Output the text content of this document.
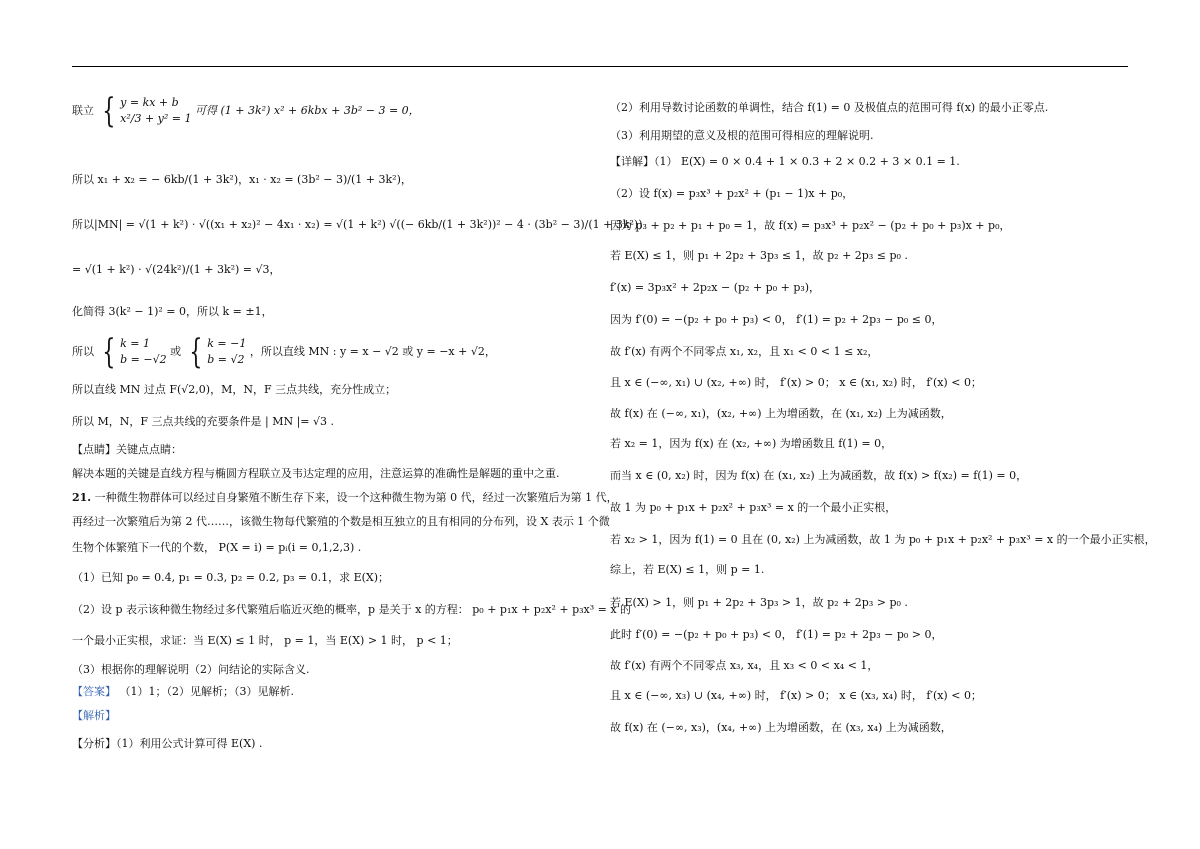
联立 { y = kx + b
x²/3 + y² = 1
可得 (1 + 3k²) x² + 6kbx + 3b² − 3 = 0，
所以 x₁ + x₂ = − 6kb/(1 + 3k²)，x₁ · x₂ = (3b² − 3)/(1 + 3k²)，
所以|MN| = √(1 + k²) · √((x₁ + x₂)² − 4x₁ · x₂) = √(1 + k²) √((− 6kb/(1 + 3k²))² − 4 · (3b² − 3)/(1 + 3k²))
= √(1 + k²) · √(24k²)/(1 + 3k²) = √3，
化简得 3(k² − 1)² = 0，所以 k = ±1，
所以 { k = 1
b = −√2
或 { k = −1
b = √2
，所以直线 MN : y = x − √2 或 y = −x + √2，
所以直线 MN 过点 F(√2,0)，M，N，F 三点共线，充分性成立；
所以 M，N，F 三点共线的充要条件是 | MN |= √3 .
【点睛】关键点点睛：
解决本题的关键是直线方程与椭圆方程联立及韦达定理的应用，注意运算的准确性是解题的重中之重.
21. 一种微生物群体可以经过自身繁殖不断生存下来，设一个这种微生物为第 0 代，经过一次繁殖后为第 1 代，
再经过一次繁殖后为第 2 代……，该微生物每代繁殖的个数是相互独立的且有相同的分布列，设 X 表示 1 个微
生物个体繁殖下一代的个数， P(X = i) = pᵢ(i = 0,1,2,3) .
（1）已知 p₀ = 0.4, p₁ = 0.3, p₂ = 0.2, p₃ = 0.1，求 E(X)；
（2）设 p 表示该种微生物经过多代繁殖后临近灭绝的概率，p 是关于 x 的方程： p₀ + p₁x + p₂x² + p₃x³ = x 的
一个最小正实根，求证：当 E(X) ≤ 1 时， p = 1，当 E(X) > 1 时， p < 1；
（3）根据你的理解说明（2）问结论的实际含义.
【答案】 （1）1；（2）见解析；（3）见解析.
【解析】
【分析】（1）利用公式计算可得 E(X) .
（2）利用导数讨论函数的单调性，结合 f(1) = 0 及极值点的范围可得 f(x) 的最小正零点.
（3）利用期望的意义及根的范围可得相应的理解说明.
【详解】（1） E(X) = 0 × 0.4 + 1 × 0.3 + 2 × 0.2 + 3 × 0.1 = 1.
（2）设 f(x) = p₃x³ + p₂x² + (p₁ − 1)x + p₀，
因为 p₃ + p₂ + p₁ + p₀ = 1，故 f(x) = p₃x³ + p₂x² − (p₂ + p₀ + p₃)x + p₀，
若 E(X) ≤ 1，则 p₁ + 2p₂ + 3p₃ ≤ 1，故 p₂ + 2p₃ ≤ p₀ .
f′(x) = 3p₃x² + 2p₂x − (p₂ + p₀ + p₃)，
因为 f′(0) = −(p₂ + p₀ + p₃) < 0， f′(1) = p₂ + 2p₃ − p₀ ≤ 0，
故 f′(x) 有两个不同零点 x₁, x₂，且 x₁ < 0 < 1 ≤ x₂，
且 x ∈ (−∞, x₁) ∪ (x₂, +∞) 时， f′(x) > 0； x ∈ (x₁, x₂) 时， f′(x) < 0；
故 f(x) 在 (−∞, x₁)，(x₂, +∞) 上为增函数，在 (x₁, x₂) 上为减函数，
若 x₂ = 1，因为 f(x) 在 (x₂, +∞) 为增函数且 f(1) = 0，
而当 x ∈ (0, x₂) 时，因为 f(x) 在 (x₁, x₂) 上为减函数，故 f(x) > f(x₂) = f(1) = 0，
故 1 为 p₀ + p₁x + p₂x² + p₃x³ = x 的一个最小正实根，
若 x₂ > 1，因为 f(1) = 0 且在 (0, x₂) 上为减函数，故 1 为 p₀ + p₁x + p₂x² + p₃x³ = x 的一个最小正实根，
综上，若 E(X) ≤ 1，则 p = 1.
若 E(X) > 1，则 p₁ + 2p₂ + 3p₃ > 1，故 p₂ + 2p₃ > p₀ .
此时 f′(0) = −(p₂ + p₀ + p₃) < 0， f′(1) = p₂ + 2p₃ − p₀ > 0，
故 f′(x) 有两个不同零点 x₃, x₄，且 x₃ < 0 < x₄ < 1，
且 x ∈ (−∞, x₃) ∪ (x₄, +∞) 时， f′(x) > 0； x ∈ (x₃, x₄) 时， f′(x) < 0；
故 f(x) 在 (−∞, x₃)，(x₄, +∞) 上为增函数，在 (x₃, x₄) 上为减函数，
